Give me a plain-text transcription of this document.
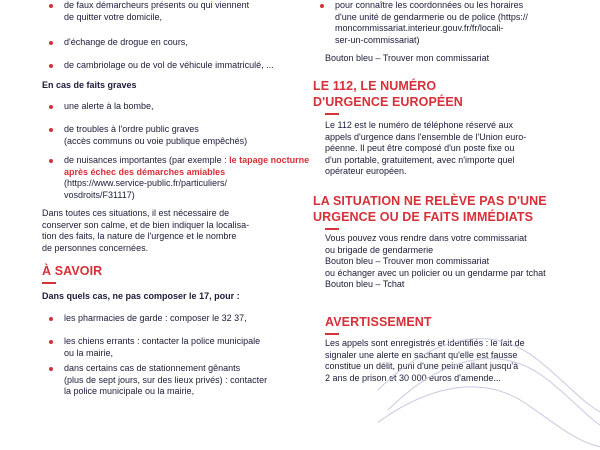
de faux démarcheurs présents ou qui viennent
de quitter votre domicile,
d'échange de drogue en cours,
de cambriolage ou de vol de véhicule immatriculé, ...
En cas de faits graves
une alerte à la bombe,
de troubles à l'ordre public graves
(accès communs ou voie publique empêchés)
de nuisances importantes (par exemple : le tapage nocturne après échec des démarches amiables
(https://www.service-public.fr/particuliers/
vosdroits/F31117)
Dans toutes ces situations, il est nécessaire de
conserver son calme, et de bien indiquer la localisa-
tion des faits, la nature de l'urgence et le nombre
de personnes concernées.
À SAVOIR
Dans quels cas, ne pas composer le 17, pour :
les pharmacies de garde : composer le 32 37,
les chiens errants : contacter la police municipale
ou la mairie,
dans certains cas de stationnement gênants
(plus de sept jours, sur des lieux privés) : contacter
la police municipale ou la mairie,
pour connaître les coordonnées ou les horaires
d'une unité de gendarmerie ou de police (https://
moncommissariat.interieur.gouv.fr/fr/locali-
ser-un-commissariat)
Bouton bleu – Trouver mon commissariat
LE 112, LE NUMÉRO
D'URGENCE EUROPÉEN
Le 112 est le numéro de téléphone réservé aux
appels d'urgence dans l'ensemble de l'Union euro-
péenne. Il peut être composé d'un poste fixe ou
d'un portable, gratuitement, avec n'importe quel
opérateur européen.
LA SITUATION NE RELÈVE PAS D'UNE
URGENCE OU DE FAITS IMMÉDIATS
Vous pouvez vous rendre dans votre commissariat
ou brigade de gendarmerie
Bouton bleu – Trouver mon commissariat
ou échanger avec un policier ou un gendarme par tchat
Bouton bleu – Tchat
AVERTISSEMENT
Les appels sont enregistrés et identifiés : le fait de
signaler une alerte en sachant qu'elle est fausse
constitue un délit, puni d'une peine allant jusqu'à
2 ans de prison et 30 000 euros d'amende...
